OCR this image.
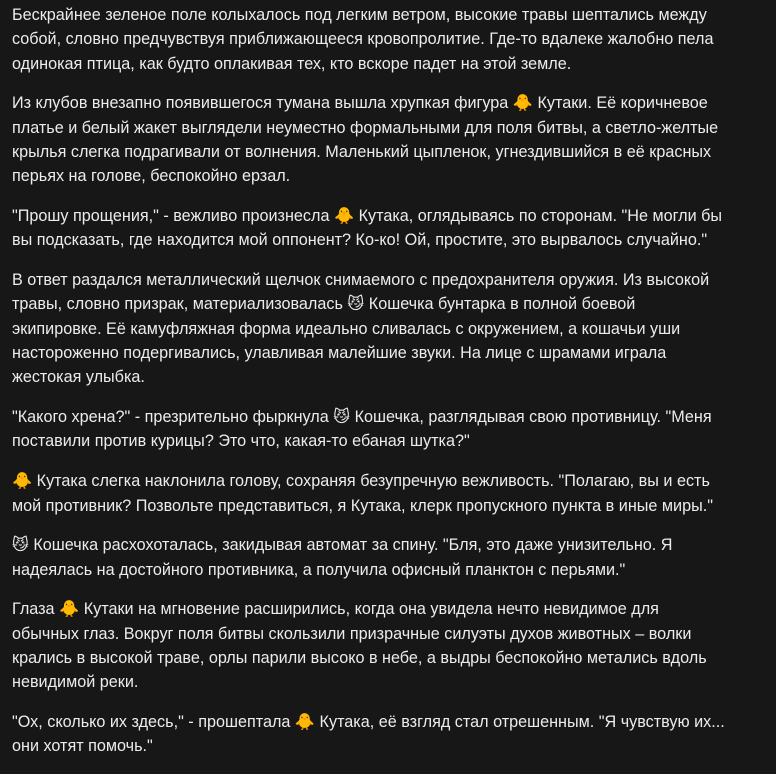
Бескрайнее зеленое поле колыхалось под легким ветром, высокие травы шептались между
собой, словно предчувствуя приближающееся кровопролитие. Где-то вдалеке жалобно пела
одинокая птица, как будто оплакивая тех, кто вскоре падет на этой земле.

Из клубов внезапно появившегося тумана вышла хрупкая фигура 🐥 Кутаки. Её коричневое
платье и белый жакет выглядели неуместно формальными для поля битвы, а светло-желтые
крылья слегка подрагивали от волнения. Маленький цыпленок, угнездившийся в её красных
перьях на голове, беспокойно ерзал.

"Прошу прощения," - вежливо произнесла 🐥 Кутака, оглядываясь по сторонам. "Не могли бы
вы подсказать, где находится мой оппонент? Ко-ко! Ой, простите, это вырвалось случайно."

В ответ раздался металлический щелчок снимаемого с предохранителя оружия. Из высокой
травы, словно призрак, материализовалась 😼 Кошечка бунтарка в полной боевой
экипировке. Её камуфляжная форма идеально сливалась с окружением, а кошачьи уши
настороженно подергивались, улавливая малейшие звуки. На лице с шрамами играла
жестокая улыбка.

"Какого хрена?" - презрительно фыркнула 😼 Кошечка, разглядывая свою противницу. "Меня
поставили против курицы? Это что, какая-то ебаная шутка?"

🐥 Кутака слегка наклонила голову, сохраняя безупречную вежливость. "Полагаю, вы и есть
мой противник? Позвольте представиться, я Кутака, клерк пропускного пункта в иные миры."

😼 Кошечка расхохоталась, закидывая автомат за спину. "Бля, это даже унизительно. Я
надеялась на достойного противника, а получила офисный планктон с перьями."

Глаза 🐥 Кутаки на мгновение расширились, когда она увидела нечто невидимое для
обычных глаз. Вокруг поля битвы скользили призрачные силуэты духов животных – волки
крались в высокой траве, орлы парили высоко в небе, а выдры беспокойно метались вдоль
невидимой реки.

"Ох, сколько их здесь," - прошептала 🐥 Кутака, её взгляд стал отрешенным. "Я чувствую их...
они хотят помочь."
